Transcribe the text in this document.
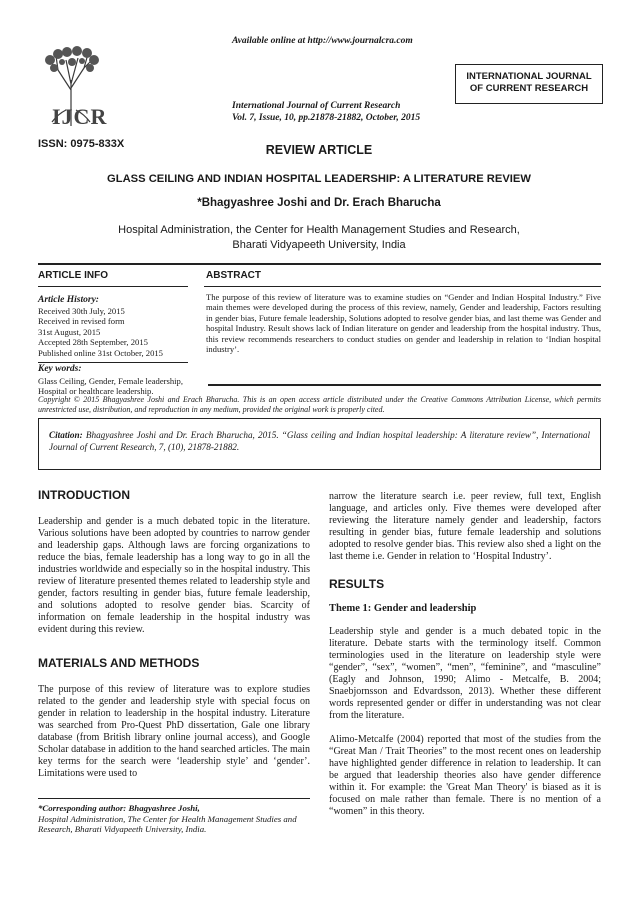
IJCR
Available online at http://www.journalcra.com
International Journal of Current Research
Vol. 7, Issue, 10, pp.21878-21882, October, 2015
INTERNATIONAL JOURNAL
OF CURRENT RESEARCH
ISSN: 0975-833X	REVIEW ARTICLE
GLASS CEILING AND INDIAN HOSPITAL LEADERSHIP: A LITERATURE REVIEW
*Bhagyashree Joshi and Dr. Erach Bharucha
Hospital Administration, the Center for Health Management Studies and Research,
Bharati Vidyapeeth University, India
ARTICLE INFO
Article History:
Received 30th July, 2015
Received in revised form
31st August, 2015
Accepted 28th September, 2015
Published online 31st October, 2015
Key words:
Glass Ceiling, Gender, Female leadership,
Hospital or healthcare leadership.
ABSTRACT

The purpose of this review of literature was to examine studies on “Gender and Indian Hospital Industry.” Five main themes were developed during the process of this review, namely, Gender and leadership, Factors resulting in gender bias, Future female leadership, Solutions adopted to resolve gender bias, and last theme was Gender and hospital Industry. Result shows lack of Indian literature on gender and leadership from the hospital industry. Thus, this review recommends researchers to conduct studies on gender and leadership in relation to ‘Indian hospital industry’.

Copyright © 2015 Bhagyashree Joshi and Erach Bharucha. This is an open access article distributed under the Creative Commons Attribution License, which permits unrestricted use, distribution, and reproduction in any medium, provided the original work is properly cited.

Citation: Bhagyashree Joshi and Dr. Erach Bharucha, 2015. “Glass ceiling and Indian hospital leadership: A literature review”, International Journal of Current Research, 7, (10), 21878-21882.
INTRODUCTION

Leadership and gender is a much debated topic in the literature. Various solutions have been adopted by countries to narrow gender and leadership gaps. Although laws are forcing organizations to reduce the bias, female leadership has a long way to go in all the industries worldwide and especially so in the hospital industry. This review of literature presented themes related to leadership style and gender, factors resulting in gender bias, future female leadership, and solutions adopted to resolve gender bias. Scarcity of information on female leadership in the hospital industry was evident during this review.

MATERIALS AND METHODS

The purpose of this review of literature was to explore studies related to the gender and leadership style with special focus on gender in relation to leadership in the hospital industry. Literature was searched from Pro-Quest PhD dissertation, Gale one library database (from British library online journal access), and Google Scholar database in addition to the hand searched articles. The main key terms for the search were ‘leadership style’ and ‘gender’. Limitations were used to

*Corresponding author: Bhagyashree Joshi,
Hospital Administration, The Center for Health Management Studies and Research, Bharati Vidyapeeth University, India.

narrow the literature search i.e. peer review, full text, English language, and articles only. Five themes were developed after reviewing the literature namely gender and leadership, factors resulting in gender bias, future female leadership and solutions adopted to resolve gender bias. This review also shed a light on the last theme i.e. Gender in relation to ‘Hospital Industry’.

RESULTS

Theme 1: Gender and leadership

Leadership style and gender is a much debated topic in the literature. Debate starts with the terminology itself. Common terminologies used in the literature on leadership style were “gender”, “sex”, “women”, “men”, “feminine”, and “masculine” (Eagly and Johnson, 1990; Alimo - Metcalfe, B. 2004; Snaebjornsson and Edvardsson, 2013). Whether these different words represented gender or differ in understanding was not clear from the literature.

Alimo-Metcalfe (2004) reported that most of the studies from the “Great Man / Trait Theories” to the most recent ones on leadership have highlighted gender difference in relation to leadership. It can be argued that leadership theories also have gender difference within it. For example: the 'Great Man Theory' is biased as it is focused on male rather than female. There is no mention of a “women” in this theory.
